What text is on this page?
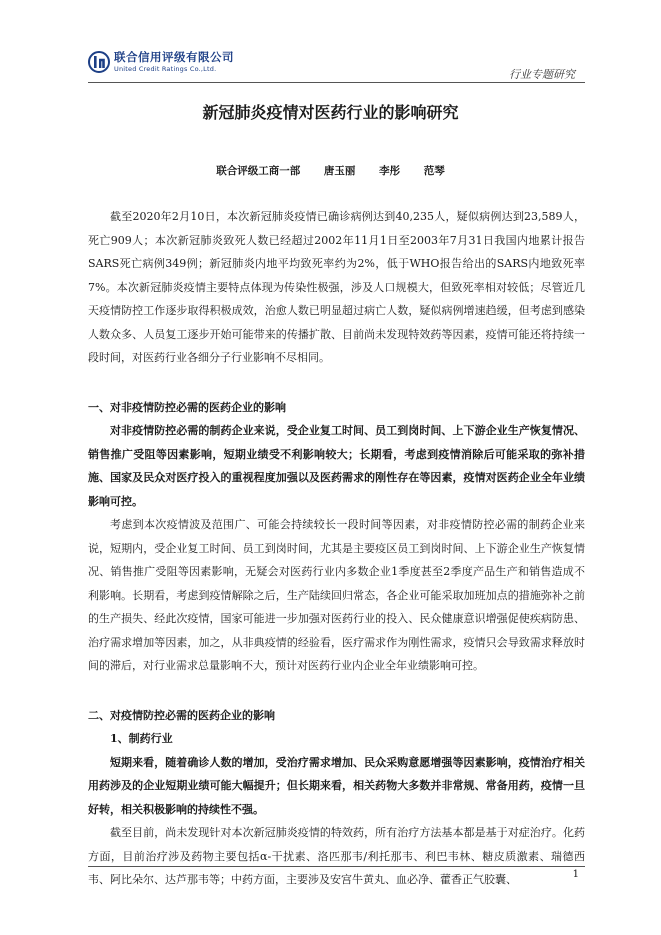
联合信用评级有限公司
United Credit Ratings Co.,Ltd.	行业专题研究
新冠肺炎疫情对医药行业的影响研究
联合评级工商一部 唐玉丽 李彤 范琴

截至2020年2月10日，本次新冠肺炎疫情已确诊病例达到40,235人，疑似病例达到23,589人，死亡909人；本次新冠肺炎致死人数已经超过2002年11月1日至2003年7月31日我国内地累计报告SARS死亡病例349例；新冠肺炎内地平均致死率约为2%，低于WHO报告给出的SARS内地致死率7%。本次新冠肺炎疫情主要特点体现为传染性极强，涉及人口规模大，但致死率相对较低；尽管近几天疫情防控工作逐步取得积极成效，治愈人数已明显超过病亡人数，疑似病例增速趋缓，但考虑到感染人数众多、人员复工逐步开始可能带来的传播扩散、目前尚未发现特效药等因素，疫情可能还将持续一段时间，对医药行业各细分子行业影响不尽相同。

一、对非疫情防控必需的医药企业的影响

对非疫情防控必需的制药企业来说，受企业复工时间、员工到岗时间、上下游企业生产恢复情况、销售推广受阻等因素影响，短期业绩受不利影响较大；长期看，考虑到疫情消除后可能采取的弥补措施、国家及民众对医疗投入的重视程度加强以及医药需求的刚性存在等因素，疫情对医药企业全年业绩影响可控。

考虑到本次疫情波及范围广、可能会持续较长一段时间等因素，对非疫情防控必需的制药企业来说，短期内，受企业复工时间、员工到岗时间，尤其是主要疫区员工到岗时间、上下游企业生产恢复情况、销售推广受阻等因素影响，无疑会对医药行业内多数企业1季度甚至2季度产品生产和销售造成不利影响。长期看，考虑到疫情解除之后，生产陆续回归常态，各企业可能采取加班加点的措施弥补之前的生产损失、经此次疫情，国家可能进一步加强对医药行业的投入、民众健康意识增强促使疾病防患、治疗需求增加等因素，加之，从非典疫情的经验看，医疗需求作为刚性需求，疫情只会导致需求释放时间的滞后，对行业需求总量影响不大，预计对医药行业内企业全年业绩影响可控。

二、对疫情防控必需的医药企业的影响

1、制药行业

短期来看，随着确诊人数的增加，受治疗需求增加、民众采购意愿增强等因素影响，疫情治疗相关用药涉及的企业短期业绩可能大幅提升；但长期来看，相关药物大多数并非常规、常备用药，疫情一旦好转，相关积极影响的持续性不强。

截至目前，尚未发现针对本次新冠肺炎疫情的特效药，所有治疗方法基本都是基于对症治疗。化药方面，目前治疗涉及药物主要包括α-干扰素、洛匹那韦/利托那韦、利巴韦林、糖皮质激素、瑞德西韦、阿比朵尔、达芦那韦等；中药方面，主要涉及安宫牛黄丸、血必净、藿香正气胶囊、	1
